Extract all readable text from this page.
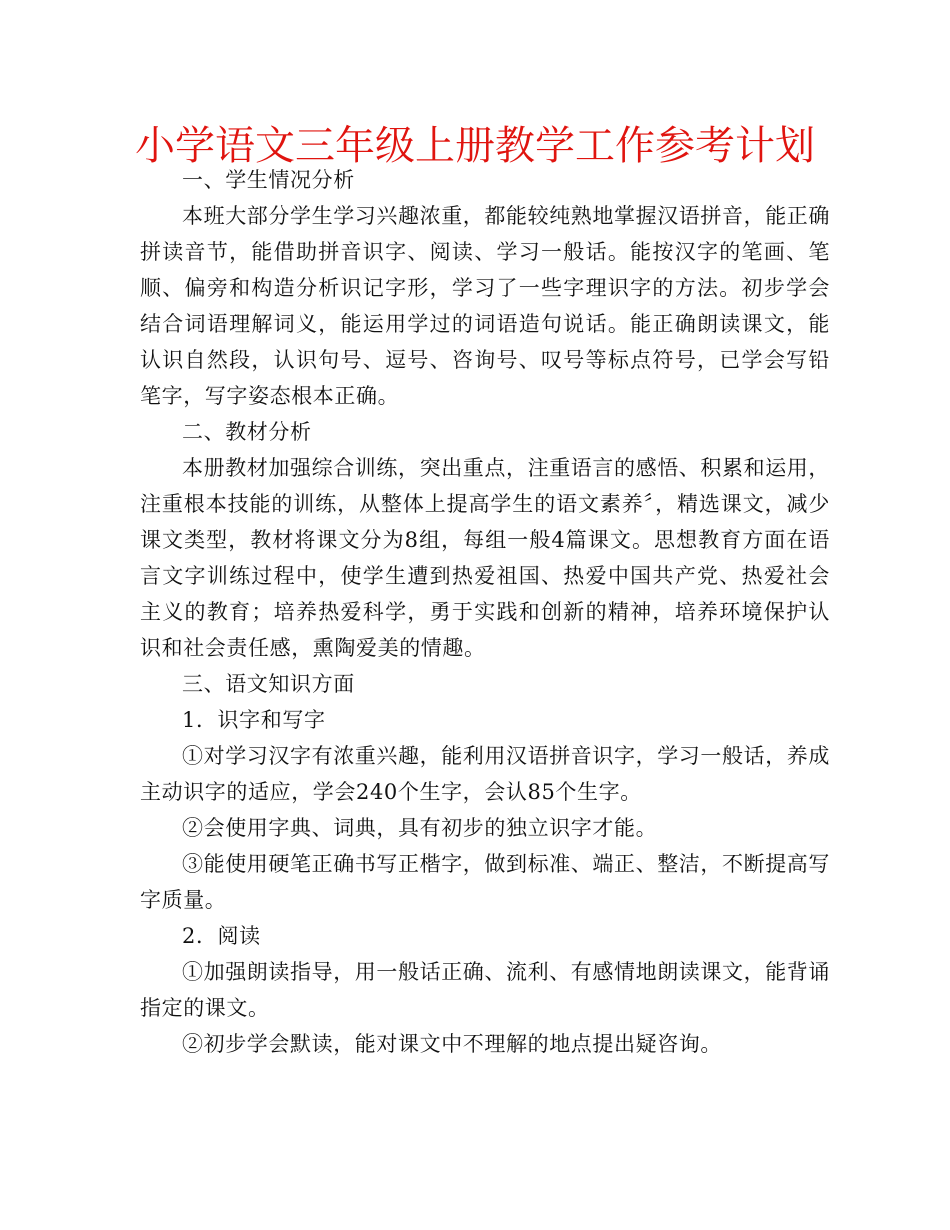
小学语文三年级上册教学工作参考计划

一、学生情况分析

本班大部分学生学习兴趣浓重，都能较纯熟地掌握汉语拼音，能正确拼读音节，能借助拼音识字、阅读、学习一般话。能按汉字的笔画、笔顺、偏旁和构造分析识记字形，学习了一些字理识字的方法。初步学会结合词语理解词义，能运用学过的词语造句说话。能正确朗读课文，能认识自然段，认识句号、逗号、咨询号、叹号等标点符号，已学会写铅笔字，写字姿态根本正确。

二、教材分析

本册教材加强综合训练，突出重点，注重语言的感悟、积累和运用，注重根本技能的训练，从整体上提高学生的语文素养〞，精选课文，减少课文类型，教材将课文分为8组，每组一般4篇课文。思想教育方面在语言文字训练过程中，使学生遭到热爱祖国、热爱中国共产党、热爱社会主义的教育；培养热爱科学，勇于实践和创新的精神，培养环境保护认识和社会责任感，熏陶爱美的情趣。

三、语文知识方面

1．识字和写字

①对学习汉字有浓重兴趣，能利用汉语拼音识字，学习一般话，养成主动识字的适应，学会240个生字，会认85个生字。

②会使用字典、词典，具有初步的独立识字才能。

③能使用硬笔正确书写正楷字，做到标准、端正、整洁，不断提高写字质量。

2．阅读

①加强朗读指导，用一般话正确、流利、有感情地朗读课文，能背诵指定的课文。

②初步学会默读，能对课文中不理解的地点提出疑咨询。
